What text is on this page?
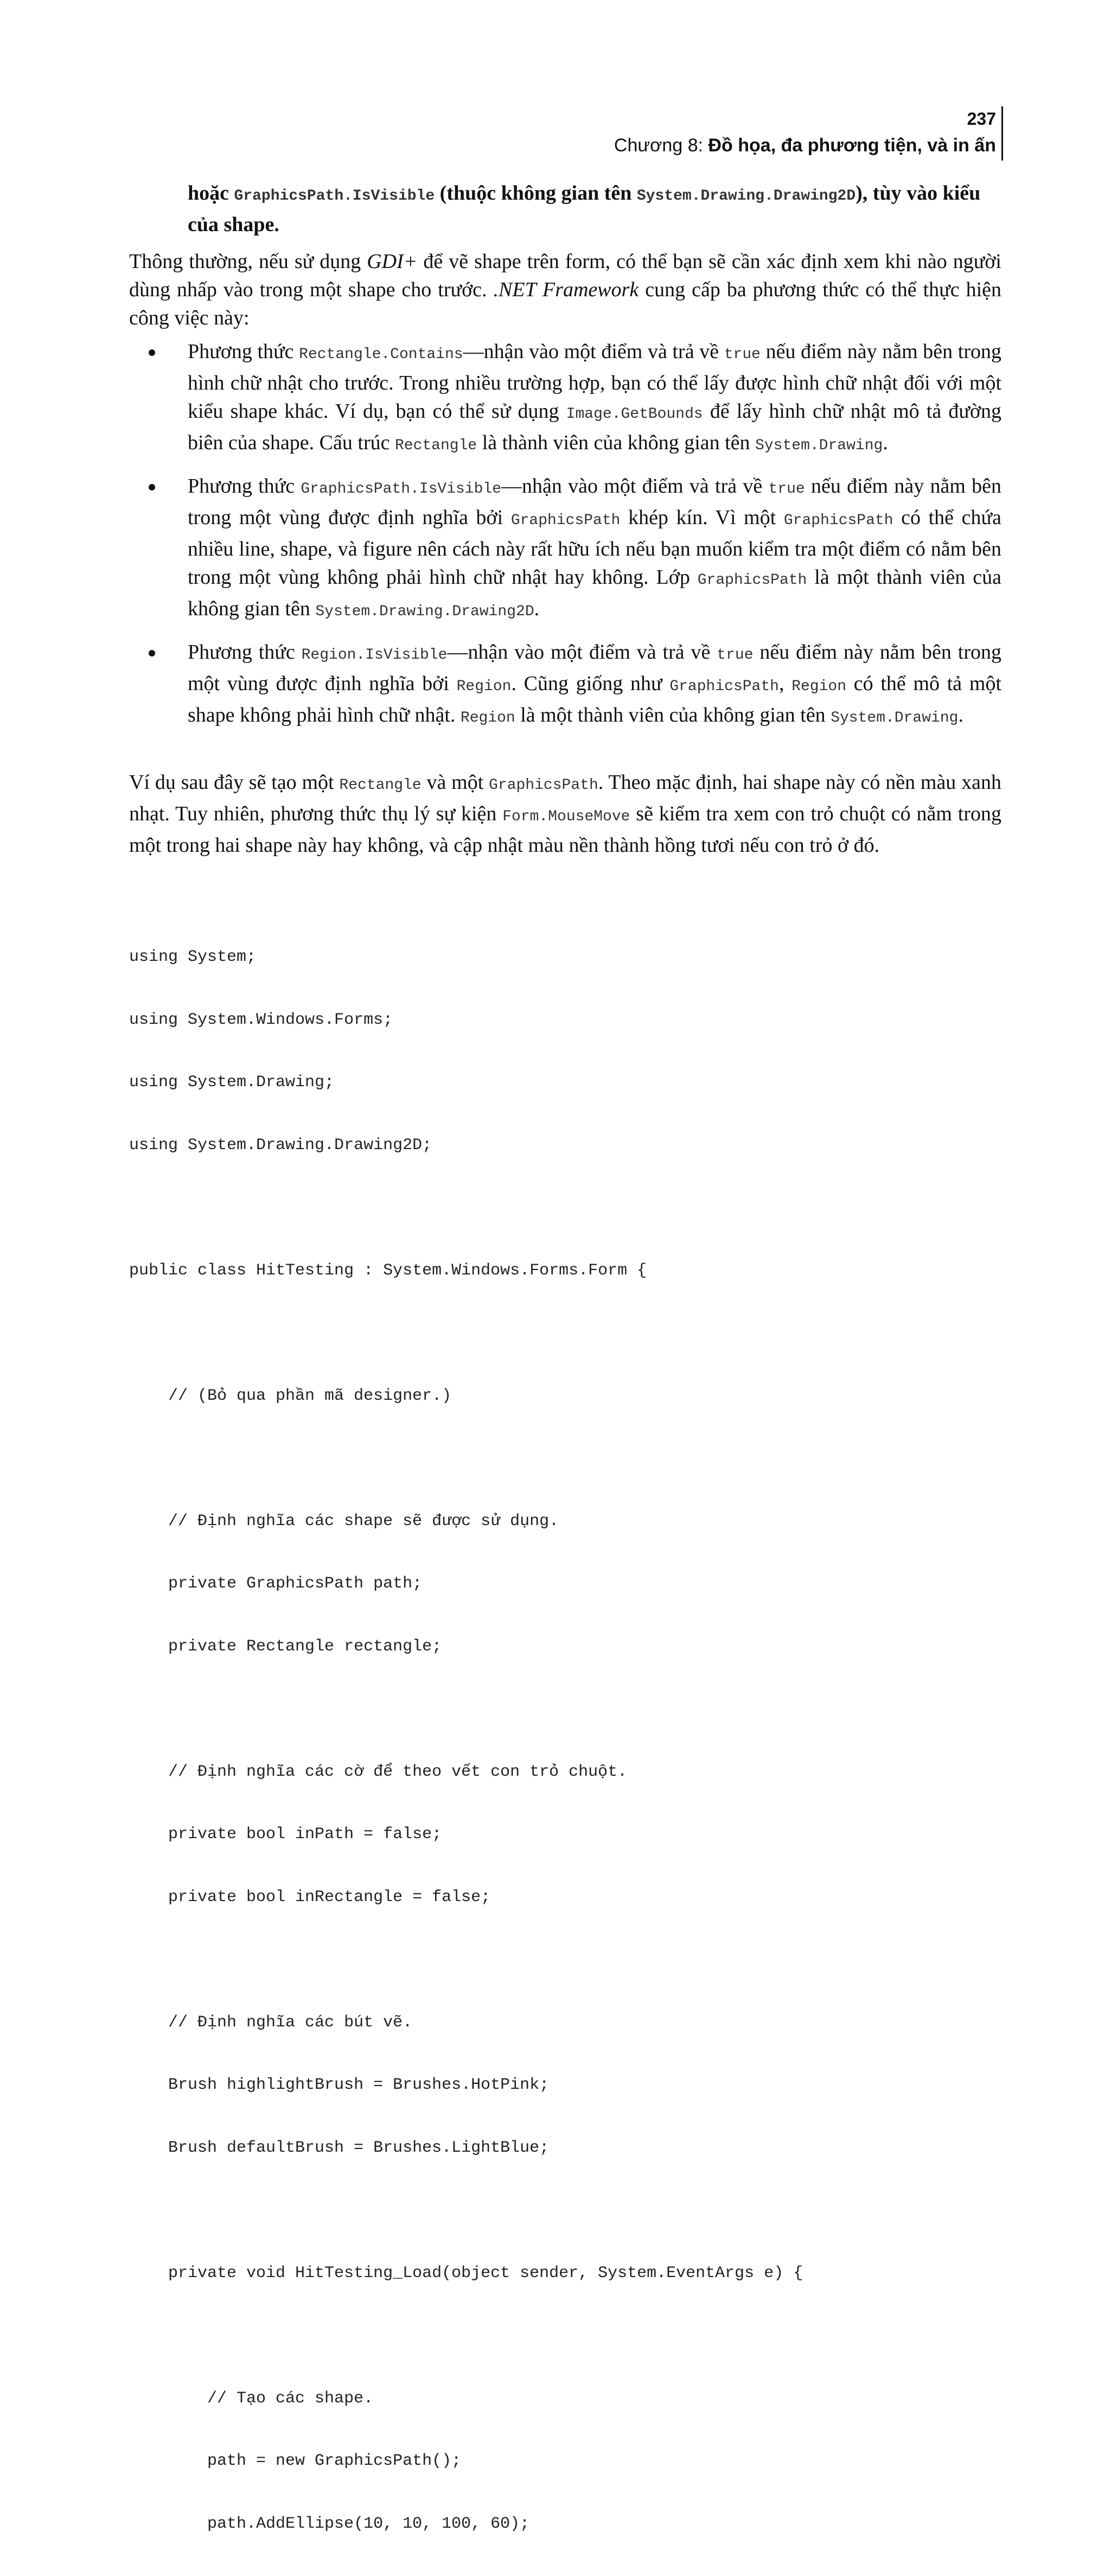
237
Chương 8: Đồ họa, đa phương tiện, và in ấn
hoặc GraphicsPath.IsVisible (thuộc không gian tên System.Drawing.Drawing2D), tùy vào kiểu của shape.
Thông thường, nếu sử dụng GDI+ để vẽ shape trên form, có thể bạn sẽ cần xác định xem khi nào người dùng nhấp vào trong một shape cho trước. .NET Framework cung cấp ba phương thức có thể thực hiện công việc này:
Phương thức Rectangle.Contains—nhận vào một điểm và trả về true nếu điểm này nằm bên trong hình chữ nhật cho trước. Trong nhiều trường hợp, bạn có thể lấy được hình chữ nhật đối với một kiểu shape khác. Ví dụ, bạn có thể sử dụng Image.GetBounds để lấy hình chữ nhật mô tả đường biên của shape. Cấu trúc Rectangle là thành viên của không gian tên System.Drawing.
Phương thức GraphicsPath.IsVisible—nhận vào một điểm và trả về true nếu điểm này nằm bên trong một vùng được định nghĩa bởi GraphicsPath khép kín. Vì một GraphicsPath có thể chứa nhiều line, shape, và figure nên cách này rất hữu ích nếu bạn muốn kiểm tra một điểm có nằm bên trong một vùng không phải hình chữ nhật hay không. Lớp GraphicsPath là một thành viên của không gian tên System.Drawing.Drawing2D.
Phương thức Region.IsVisible—nhận vào một điểm và trả về true nếu điểm này nằm bên trong một vùng được định nghĩa bởi Region. Cũng giống như GraphicsPath, Region có thể mô tả một shape không phải hình chữ nhật. Region là một thành viên của không gian tên System.Drawing.
Ví dụ sau đây sẽ tạo một Rectangle và một GraphicsPath. Theo mặc định, hai shape này có nền màu xanh nhạt. Tuy nhiên, phương thức thụ lý sự kiện Form.MouseMove sẽ kiểm tra xem con trỏ chuột có nằm trong một trong hai shape này hay không, và cập nhật màu nền thành hồng tươi nếu con trỏ ở đó.

using System;

using System.Windows.Forms;

using System.Drawing;

using System.Drawing.Drawing2D;

public class HitTesting : System.Windows.Forms.Form {

// (Bỏ qua phần mã designer.)

// Định nghĩa các shape sẽ được sử dụng.

private GraphicsPath path;

private Rectangle rectangle;

// Định nghĩa các cờ để theo vết con trỏ chuột.

private bool inPath = false;

private bool inRectangle = false;

// Định nghĩa các bút vẽ.

Brush highlightBrush = Brushes.HotPink;

Brush defaultBrush = Brushes.LightBlue;

private void HitTesting_Load(object sender, System.EventArgs e) {

// Tạo các shape.

path = new GraphicsPath();

path.AddEllipse(10, 10, 100, 60);
